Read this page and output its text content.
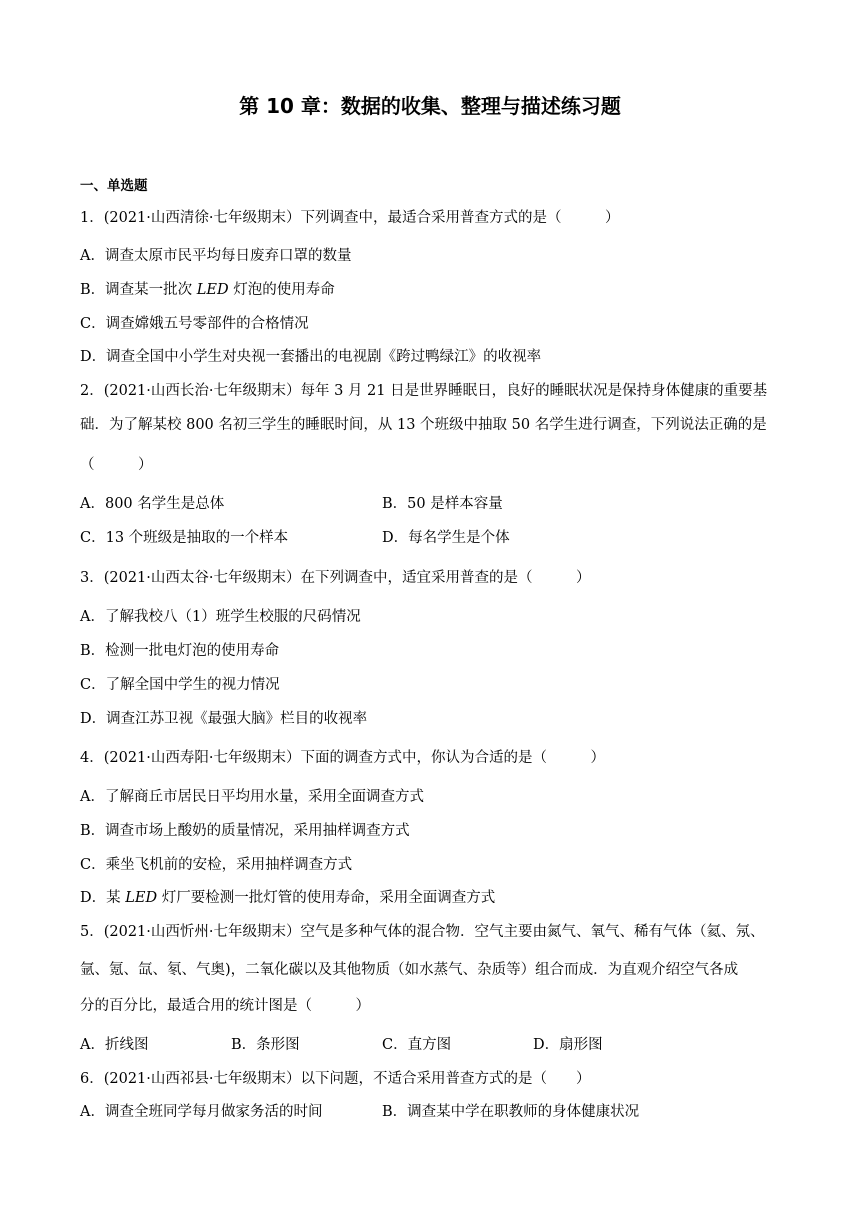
第 10 章：数据的收集、整理与描述练习题
一、单选题
1．(2021·山西清徐·七年级期末）下列调查中，最适合采用普查方式的是（　　　）
A．调查太原市民平均每日废弃口罩的数量
B．调查某一批次 LED 灯泡的使用寿命
C．调查嫦娥五号零部件的合格情况
D．调查全国中小学生对央视一套播出的电视剧《跨过鸭绿江》的收视率
2．(2021·山西长治·七年级期末）每年 3 月 21 日是世界睡眠日，良好的睡眠状况是保持身体健康的重要基
础．为了解某校 800 名初三学生的睡眠时间，从 13 个班级中抽取 50 名学生进行调查，下列说法正确的是
（　　　）
A．800 名学生是总体	B．50 是样本容量
C．13 个班级是抽取的一个样本	D．每名学生是个体
3．(2021·山西太谷·七年级期末）在下列调查中，适宜采用普查的是（　　　）
A．了解我校八（1）班学生校服的尺码情况
B．检测一批电灯泡的使用寿命
C．了解全国中学生的视力情况
D．调查江苏卫视《最强大脑》栏目的收视率
4．(2021·山西寿阳·七年级期末）下面的调查方式中，你认为合适的是（　　　）
A．了解商丘市居民日平均用水量，采用全面调查方式
B．调查市场上酸奶的质量情况，采用抽样调查方式
C．乘坐飞机前的安检，采用抽样调查方式
D．某 LED 灯厂要检测一批灯管的使用寿命，采用全面调查方式
5．(2021·山西忻州·七年级期末）空气是多种气体的混合物．空气主要由氮气、氧气、稀有气体（氦、氖、
氩、氪、氙、氡、气奥)，二氧化碳以及其他物质（如水蒸气、杂质等）组合而成．为直观介绍空气各成
分的百分比，最适合用的统计图是（　　　）
A．折线图	B．条形图	C．直方图	D．扇形图
6．(2021·山西祁县·七年级期末）以下问题，不适合采用普查方式的是（　　）
A．调查全班同学每月做家务活的时间	B．调查某中学在职教师的身体健康状况
